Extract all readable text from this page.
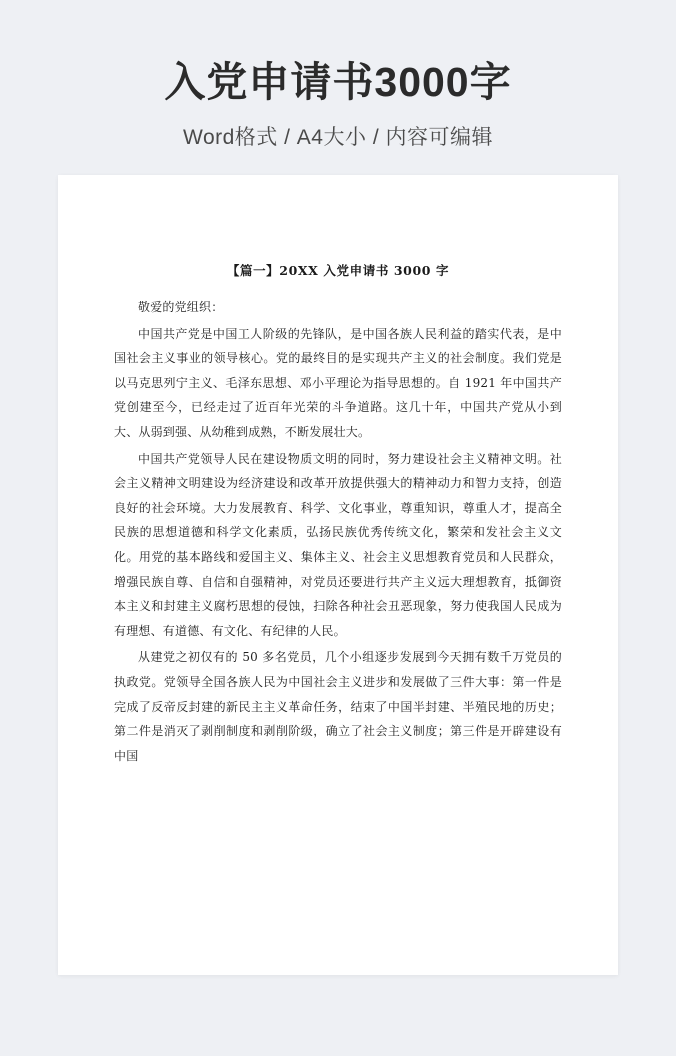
入党申请书3000字
Word格式 / A4大小 / 内容可编辑
【篇一】20XX 入党申请书 3000 字

敬爱的党组织：

中国共产党是中国工人阶级的先锋队，是中国各族人民利益的踏实代表，是中国社会主义事业的领导核心。党的最终目的是实现共产主义的社会制度。我们党是以马克思列宁主义、毛泽东思想、邓小平理论为指导思想的。自 1921 年中国共产党创建至今，已经走过了近百年光荣的斗争道路。这几十年，中国共产党从小到大、从弱到强、从幼稚到成熟，不断发展壮大。

中国共产党领导人民在建设物质文明的同时，努力建设社会主义精神文明。社会主义精神文明建设为经济建设和改革开放提供强大的精神动力和智力支持，创造良好的社会环境。大力发展教育、科学、文化事业，尊重知识，尊重人才，提高全民族的思想道德和科学文化素质，弘扬民族优秀传统文化，繁荣和发社会主义文化。用党的基本路线和爱国主义、集体主义、社会主义思想教育党员和人民群众，增强民族自尊、自信和自强精神，对党员还要进行共产主义远大理想教育，抵御资本主义和封建主义腐朽思想的侵蚀，扫除各种社会丑恶现象，努力使我国人民成为有理想、有道德、有文化、有纪律的人民。

从建党之初仅有的 50 多名党员，几个小组逐步发展到今天拥有数千万党员的执政党。党领导全国各族人民为中国社会主义进步和发展做了三件大事：第一件是完成了反帝反封建的新民主主义革命任务，结束了中国半封建、半殖民地的历史；第二件是消灭了剥削制度和剥削阶级，确立了社会主义制度；第三件是开辟建设有中国
